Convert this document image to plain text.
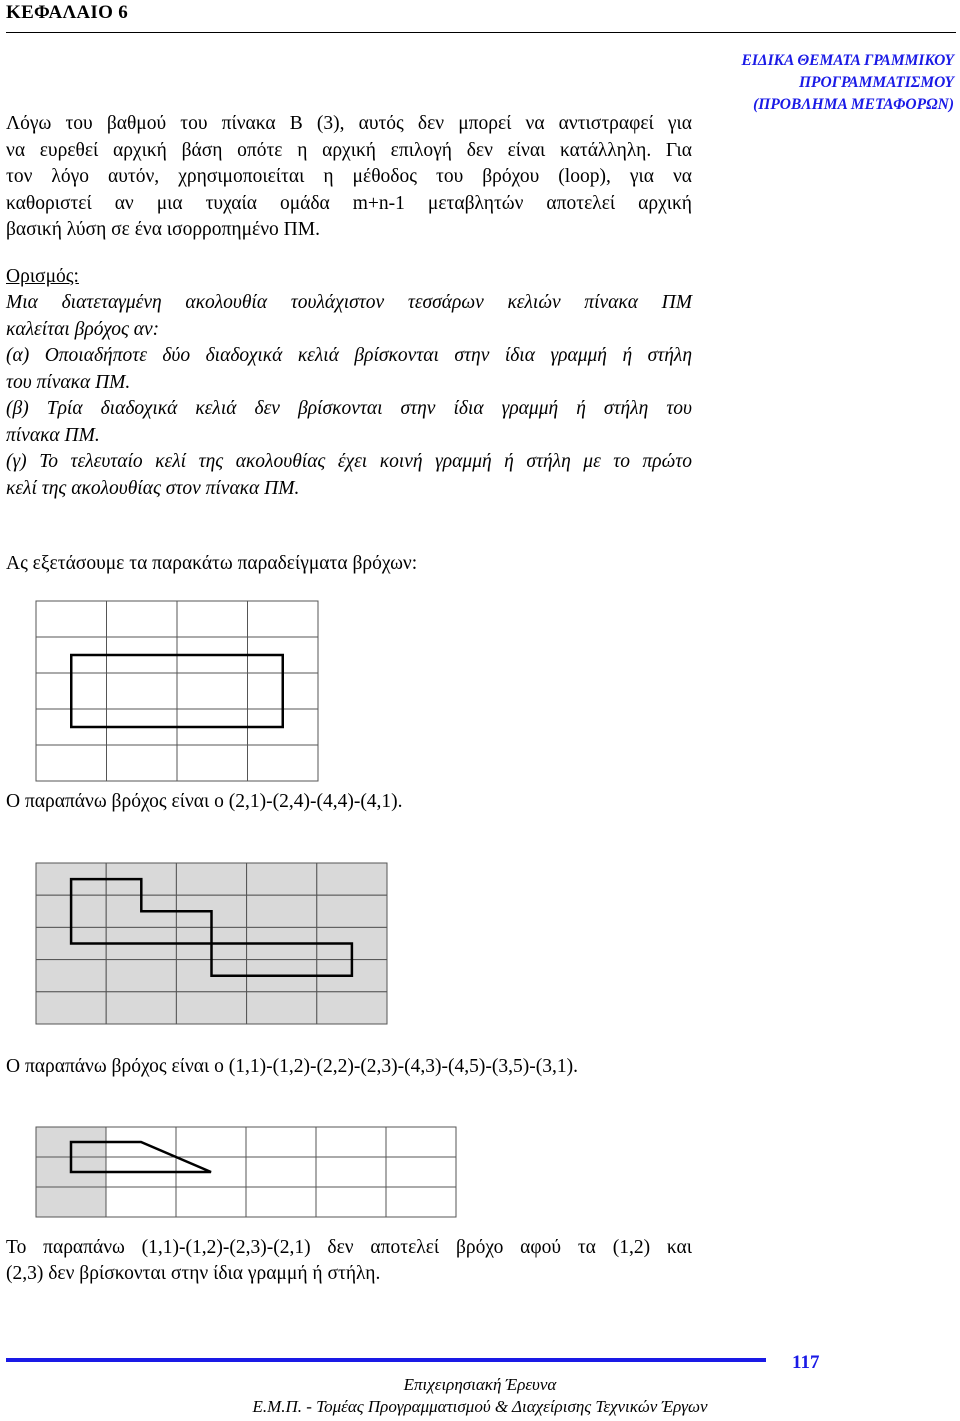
ΚΕΦΑΛΑΙΟ 6
ΕΙΔΙΚΑ ΘΕΜΑΤΑ ΓΡΑΜΜΙΚΟΥ
ΠΡΟΓΡΑΜΜΑΤΙΣΜΟΥ
(ΠΡΟΒΛΗΜΑ ΜΕΤΑΦΟΡΩΝ)
Λόγω του βαθμού του πίνακα B (3), αυτός δεν μπορεί να αντιστραφεί για
να ευρεθεί αρχική βάση οπότε η αρχική επιλογή δεν είναι κατάλληλη. Για
τον λόγο αυτόν, χρησιμοποιείται η μέθοδος του βρόχου (loop), για να
καθοριστεί αν μια τυχαία ομάδα m+n-1 μεταβλητών αποτελεί αρχική
βασική λύση σε ένα ισορροπημένο ΠΜ.
Ορισμός:
Μια διατεταγμένη ακολουθία τουλάχιστον τεσσάρων κελιών πίνακα ΠΜ
καλείται βρόχος αν:
(α) Οποιαδήποτε δύο διαδοχικά κελιά βρίσκονται στην ίδια γραμμή ή στήλη
του πίνακα ΠΜ.
(β) Τρία διαδοχικά κελιά δεν βρίσκονται στην ίδια γραμμή ή στήλη του
πίνακα ΠΜ.
(γ) Το τελευταίο κελί της ακολουθίας έχει κοινή γραμμή ή στήλη με το πρώτο
κελί της ακολουθίας στον πίνακα ΠΜ.
Ας εξετάσουμε τα παρακάτω παραδείγματα βρόχων:
Ο παραπάνω βρόχος είναι ο (2,1)-(2,4)-(4,4)-(4,1).
Ο παραπάνω βρόχος είναι ο (1,1)-(1,2)-(2,2)-(2,3)-(4,3)-(4,5)-(3,5)-(3,1).
Το παραπάνω (1,1)-(1,2)-(2,3)-(2,1) δεν αποτελεί βρόχο αφού τα (1,2) και
(2,3) δεν βρίσκονται στην ίδια γραμμή ή στήλη.
117
Επιχειρησιακή Έρευνα
Ε.Μ.Π. - Τομέας Προγραμματισμού & Διαχείρισης Τεχνικών Έργων
